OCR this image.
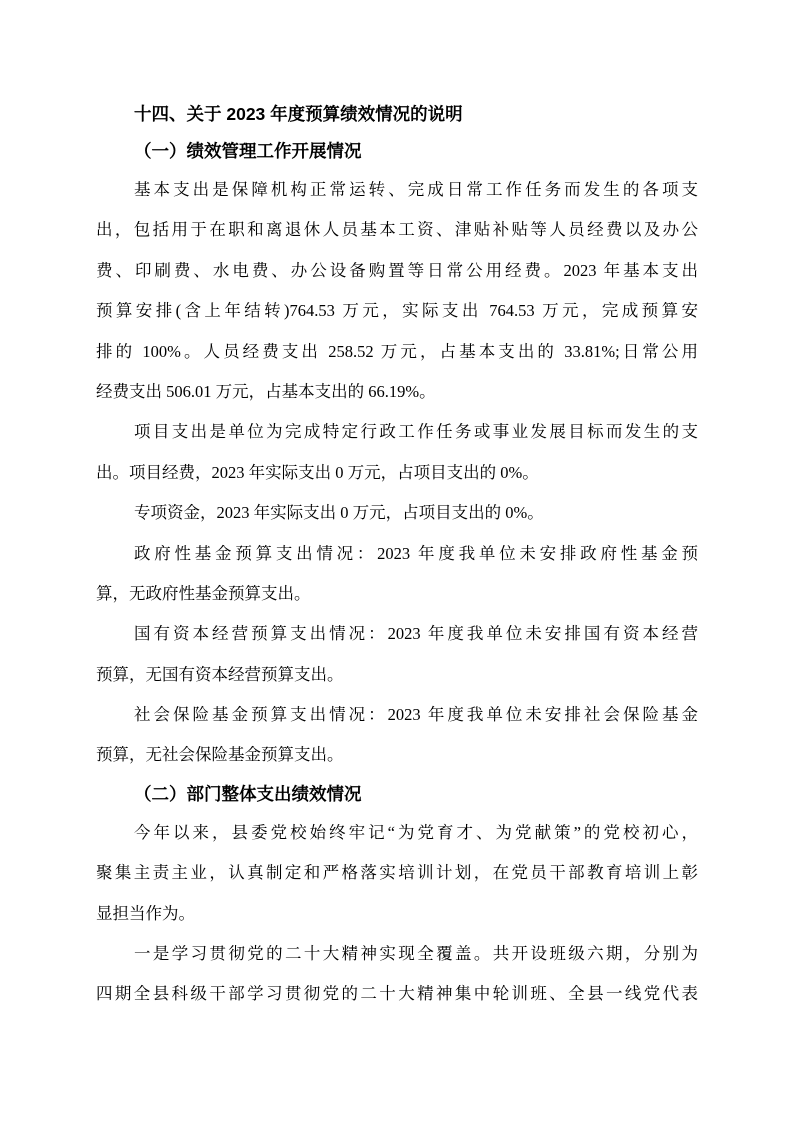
十四、关于 2023 年度预算绩效情况的说明
（一）绩效管理工作开展情况
基本支出是保障机构正常运转、完成日常工作任务而发生的各项支
出，包括用于在职和离退休人员基本工资、津贴补贴等人员经费以及办公
费、印刷费、水电费、办公设备购置等日常公用经费。2023 年基本支出
预算安排(含上年结转)764.53 万元，实际支出 764.53 万元，完成预算安
排的 100%。人员经费支出 258.52 万元，占基本支出的 33.81%;日常公用
经费支出 506.01 万元，占基本支出的 66.19%。
项目支出是单位为完成特定行政工作任务或事业发展目标而发生的支
出。项目经费，2023 年实际支出 0 万元，占项目支出的 0%。
专项资金，2023 年实际支出 0 万元，占项目支出的 0%。
政府性基金预算支出情况：2023 年度我单位未安排政府性基金预
算，无政府性基金预算支出。
国有资本经营预算支出情况：2023 年度我单位未安排国有资本经营
预算，无国有资本经营预算支出。
社会保险基金预算支出情况：2023 年度我单位未安排社会保险基金
预算，无社会保险基金预算支出。
（二）部门整体支出绩效情况
今年以来，县委党校始终牢记“为党育才、为党献策”的党校初心，
聚集主责主业，认真制定和严格落实培训计划，在党员干部教育培训上彰
显担当作为。
一是学习贯彻党的二十大精神实现全覆盖。共开设班级六期，分别为
四期全县科级干部学习贯彻党的二十大精神集中轮训班、全县一线党代表
